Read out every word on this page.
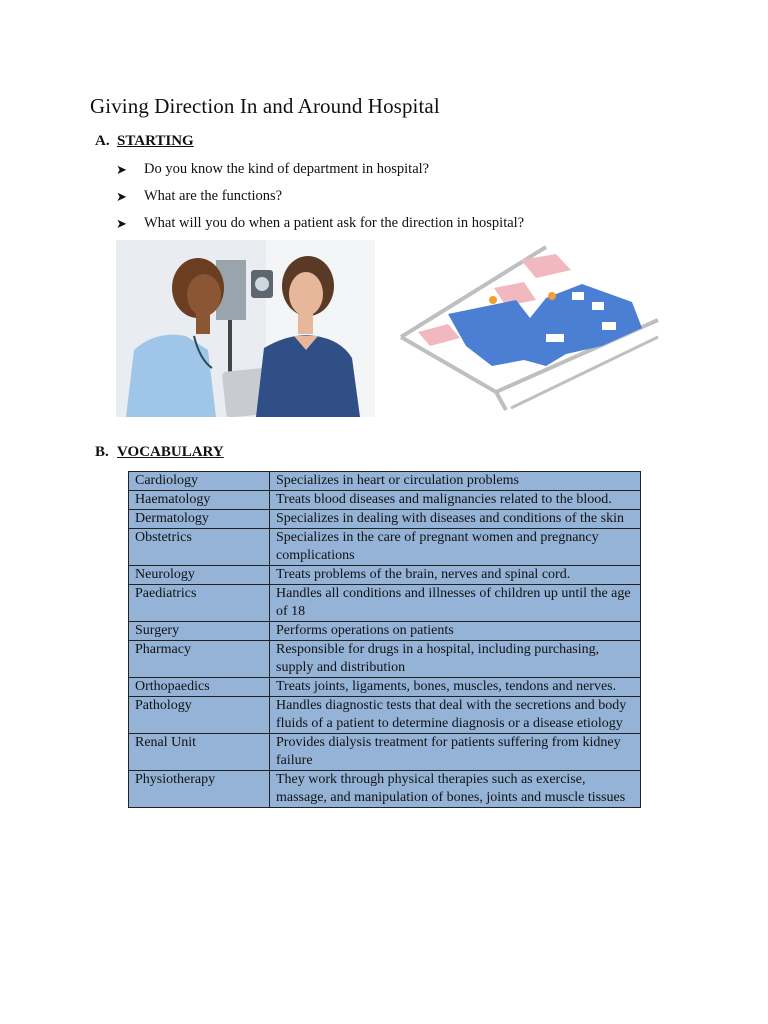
Giving Direction In and Around Hospital
A. STARTING
➤	Do you know the kind of department in hospital?
➤	What are the functions?
➤	What will you do when a patient ask for the direction in hospital?
B. VOCABULARY
Cardiology	Specializes in heart or circulation problems
Haematology	Treats blood diseases and malignancies related to the blood.
Dermatology	Specializes in dealing with diseases and conditions of the skin
Obstetrics	Specializes in the care of pregnant women and pregnancy complications
Neurology	Treats problems of the brain, nerves and spinal cord.
Paediatrics	Handles all conditions and illnesses of children up until the age of 18
Surgery	Performs operations on patients
Pharmacy	Responsible for drugs in a hospital, including purchasing, supply and distribution
Orthopaedics	Treats joints, ligaments, bones, muscles, tendons and nerves.
Pathology	Handles diagnostic tests that deal with the secretions and body fluids of a patient to determine diagnosis or a disease etiology
Renal Unit	Provides dialysis treatment for patients suffering from kidney failure
Physiotherapy	They work through physical therapies such as exercise, massage, and manipulation of bones, joints and muscle tissues
